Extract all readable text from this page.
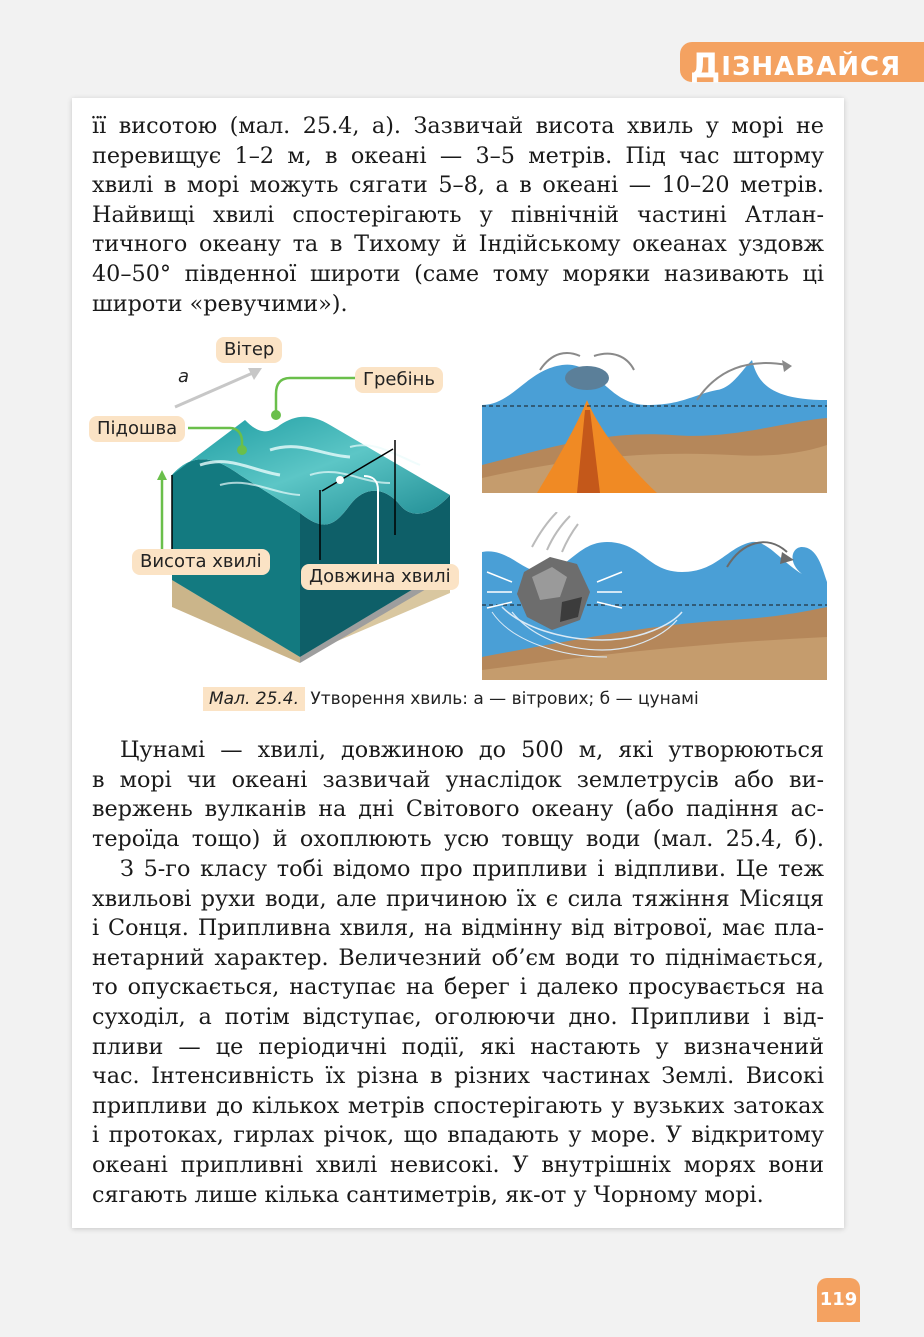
ДІЗНАВАЙСЯ
її висотою (мал. 25.4, а). Зазвичай висота хвиль у морі не
перевищує 1–2 м, в океані — 3–5 метрів. Під час шторму
хвилі в морі можуть сягати 5–8, а в океані — 10–20 метрів.
Найвищі хвилі спостерігають у північній частині Атлан-
тичного океану та в Тихому й Індійському океанах уздовж
40–50° південної широти (саме тому моряки називають ці
широти «ревучими»).
Вітер
Гребінь
Підошва
Висота хвилі
Довжина хвилі
а
Мал. 25.4. Утворення хвиль: а — вітрових; б — цунамі
Цунамі — хвилі, довжиною до 500 м, які утворюються
в морі чи океані зазвичай унаслідок землетрусів або ви-
вержень вулканів на дні Світового океану (або падіння ас-
тероїда тощо) й охоплюють усю товщу води (мал. 25.4, б).
З 5-го класу тобі відомо про припливи і відпливи. Це теж
хвильові рухи води, але причиною їх є сила тяжіння Місяця
і Сонця. Припливна хвиля, на відмінну від вітрової, має пла-
нетарний характер. Величезний об’єм води то піднімається,
то опускається, наступає на берег і далеко просувається на
суходіл, а потім відступає, оголюючи дно. Припливи і від-
пливи — це періодичні події, які настають у визначений
час. Інтенсивність їх різна в різних частинах Землі. Високі
припливи до кількох метрів спостерігають у вузьких затоках
і протоках, гирлах річок, що впадають у море. У відкритому
океані припливні хвилі невисокі. У внутрішніх морях вони
сягають лише кілька сантиметрів, як-от у Чорному морі.
119
